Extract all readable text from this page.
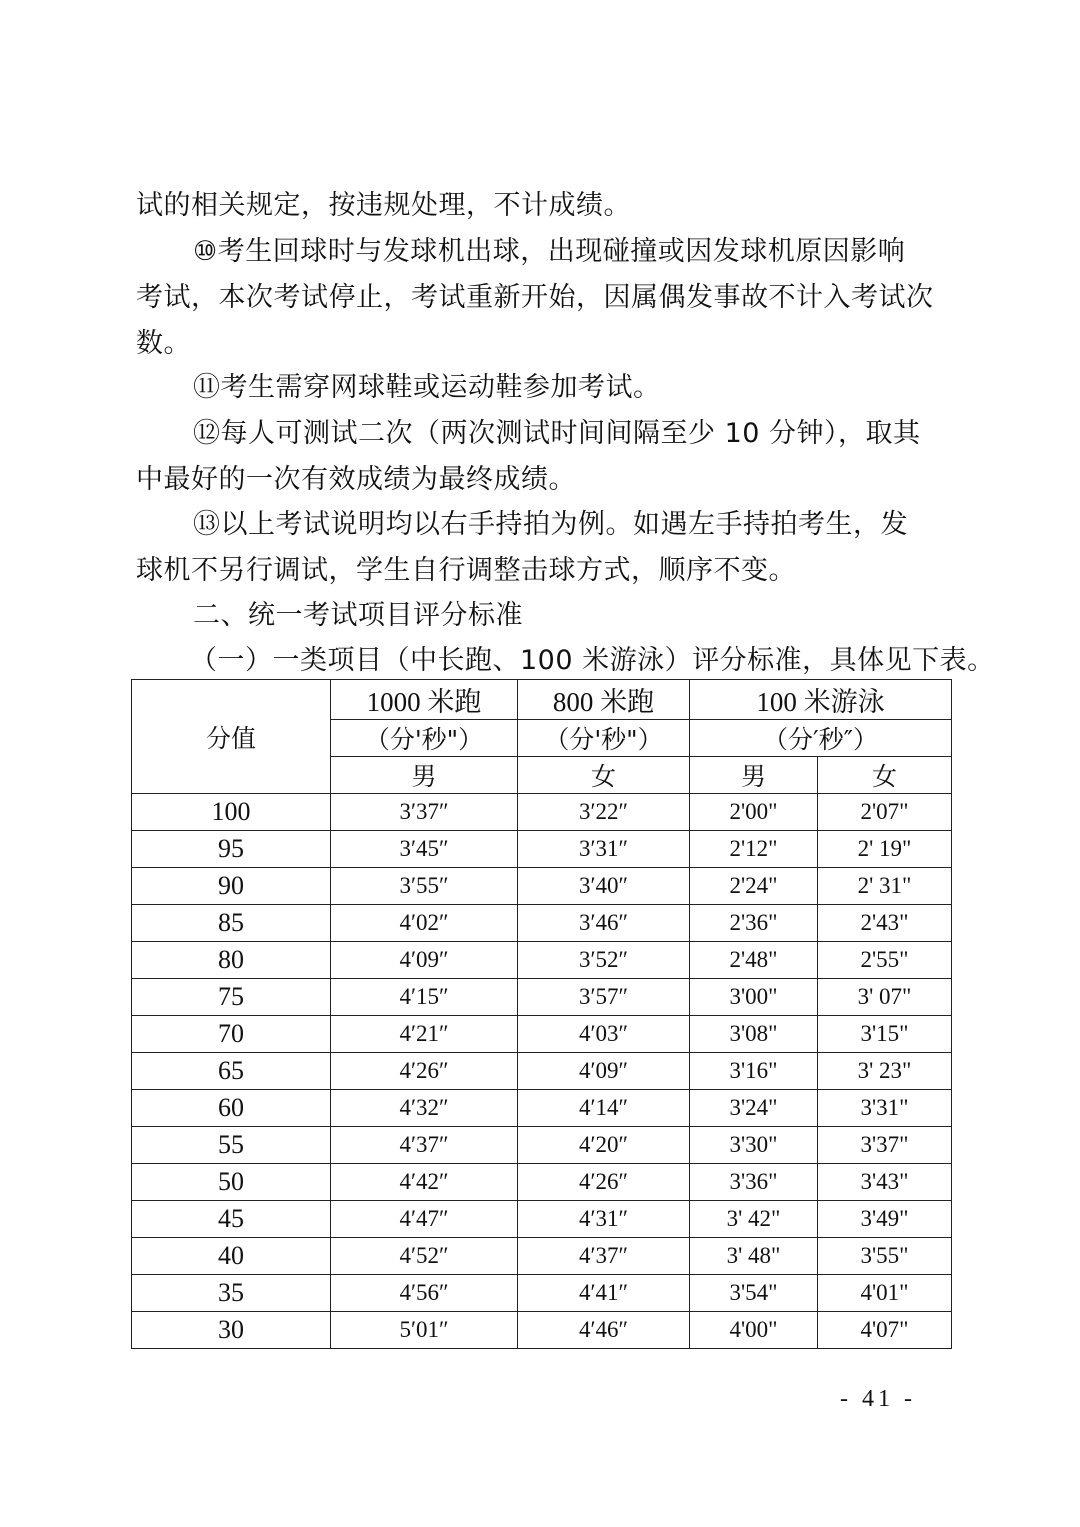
试的相关规定，按违规处理，不计成绩。
⑩考生回球时与发球机出球，出现碰撞或因发球机原因影响
考试，本次考试停止，考试重新开始，因属偶发事故不计入考试次
数。
⑪考生需穿网球鞋或运动鞋参加考试。
⑫每人可测试二次（两次测试时间间隔至少 10 分钟），取其
中最好的一次有效成绩为最终成绩。
⑬以上考试说明均以右手持拍为例。如遇左手持拍考生，发
球机不另行调试，学生自行调整击球方式，顺序不变。
二、统一考试项目评分标准
（一）一类项目（中长跑、100 米游泳）评分标准，具体见下表。
分值	1000 米跑	800 米跑	100 米游泳	
	（分'秒"）	（分'秒"）	（分′秒″）	
	男	女	男	女
100	3′37″	3′22″	2'00"	2'07"
95	3′45″	3′31″	2'12"	2' 19"
90	3′55″	3′40″	2'24"	2' 31"
85	4′02″	3′46″	2'36"	2'43"
80	4′09″	3′52″	2'48"	2'55"
75	4′15″	3′57″	3'00"	3' 07"
70	4′21″	4′03″	3'08"	3'15"
65	4′26″	4′09″	3'16"	3' 23"
60	4′32″	4′14″	3'24"	3'31"
55	4′37″	4′20″	3'30"	3'37"
50	4′42″	4′26″	3'36"	3'43"
45	4′47″	4′31″	3' 42"	3'49"
40	4′52″	4′37″	3' 48"	3'55"
35	4′56″	4′41″	3'54"	4'01"
30	5′01″	4′46″	4'00"	4'07"
- 41 -
